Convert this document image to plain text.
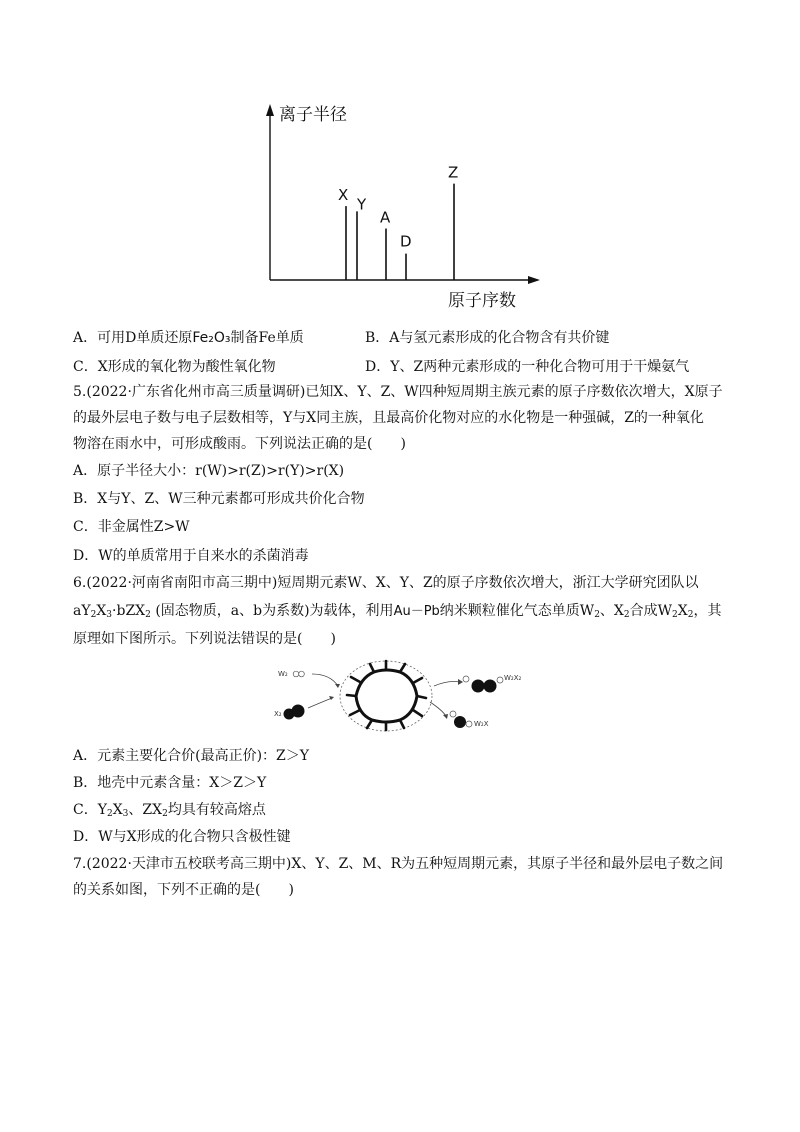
离子半径
原子序数
X
Y
A
D
Z
A．可用D单质还原Fe₂O₃制备Fe单质	B．A与氢元素形成的化合物含有共价键
C．X形成的氧化物为酸性氧化物	D．Y、Z两种元素形成的一种化合物可用于干燥氨气
5.(2022·广东省化州市高三质量调研)已知X、Y、Z、W四种短周期主族元素的原子序数依次增大，X原子
的最外层电子数与电子层数相等，Y与X同主族，且最高价化物对应的水化物是一种强碱，Z的一种氧化
物溶在雨水中，可形成酸雨。下列说法正确的是(　　)
A．原子半径大小：r(W)>r(Z)>r(Y)>r(X)
B．X与Y、Z、W三种元素都可形成共价化合物
C．非金属性Z>W
D．W的单质常用于自来水的杀菌消毒
6.(2022·河南省南阳市高三期中)短周期元素W、X、Y、Z的原子序数依次增大，浙江大学研究团队以
$aY_2X_3\cdot bZX_2$ (固态物质，a、b为系数)为载体，利用Au－Pb纳米颗粒催化气态单质$W_2$、$X_2$合成$W_2X_2$，其
原理如下图所示。下列说法错误的是(　　)
W₂
X₂
W₂X₂
W₂X
A．元素主要化合价(最高正价)：Z＞Y
B．地壳中元素含量：X＞Z＞Y
C．$Y_2X_3$、$ZX_2$均具有较高熔点
D．W与X形成的化合物只含极性键
7.(2022·天津市五校联考高三期中)X、Y、Z、M、R为五种短周期元素，其原子半径和最外层电子数之间
的关系如图，下列不正确的是(　　)
